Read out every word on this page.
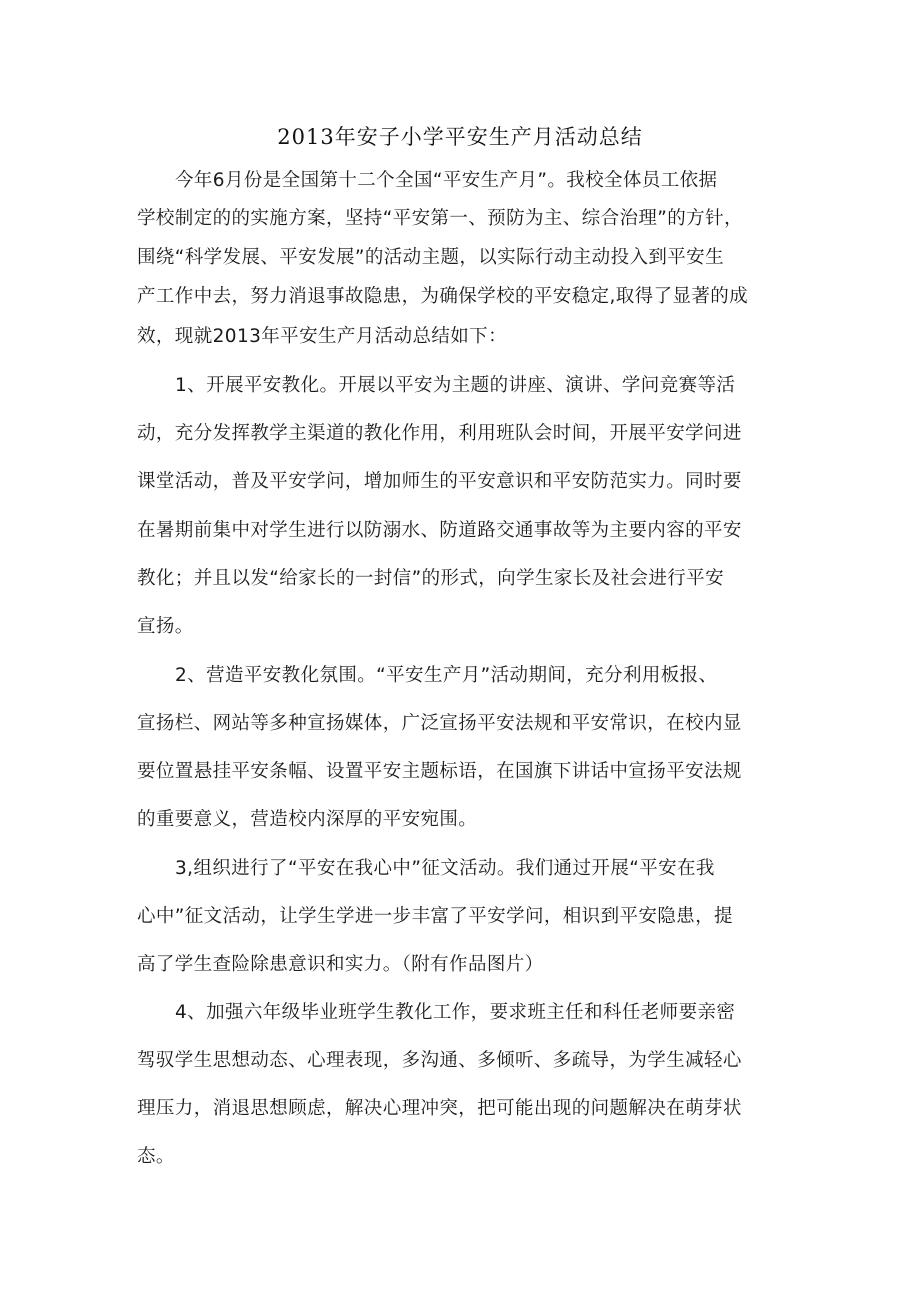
2013年安子小学平安生产月活动总结
今年6月份是全国第十二个全国“平安生产月”。我校全体员工依据
学校制定的的实施方案，坚持“平安第一、预防为主、综合治理”的方针，
围绕“科学发展、平安发展”的活动主题，以实际行动主动投入到平安生
产工作中去，努力消退事故隐患，为确保学校的平安稳定,取得了显著的成
效，现就2013年平安生产月活动总结如下：
1、开展平安教化。开展以平安为主题的讲座、演讲、学问竞赛等活
动，充分发挥教学主渠道的教化作用，利用班队会时间，开展平安学问进
课堂活动，普及平安学问，增加师生的平安意识和平安防范实力。同时要
在暑期前集中对学生进行以防溺水、防道路交通事故等为主要内容的平安
教化；并且以发“给家长的一封信”的形式，向学生家长及社会进行平安
宣扬。
2、营造平安教化氛围。“平安生产月”活动期间，充分利用板报、
宣扬栏、网站等多种宣扬媒体，广泛宣扬平安法规和平安常识，在校内显
要位置悬挂平安条幅、设置平安主题标语，在国旗下讲话中宣扬平安法规
的重要意义，营造校内深厚的平安宛围。
3,组织进行了“平安在我心中”征文活动。我们通过开展“平安在我
心中”征文活动，让学生学进一步丰富了平安学问，相识到平安隐患，提
高了学生查险除患意识和实力。（附有作品图片）
4、加强六年级毕业班学生教化工作，要求班主任和科任老师要亲密
驾驭学生思想动态、心理表现，多沟通、多倾听、多疏导，为学生减轻心
理压力，消退思想顾虑，解决心理冲突，把可能出现的问题解决在萌芽状
态。
